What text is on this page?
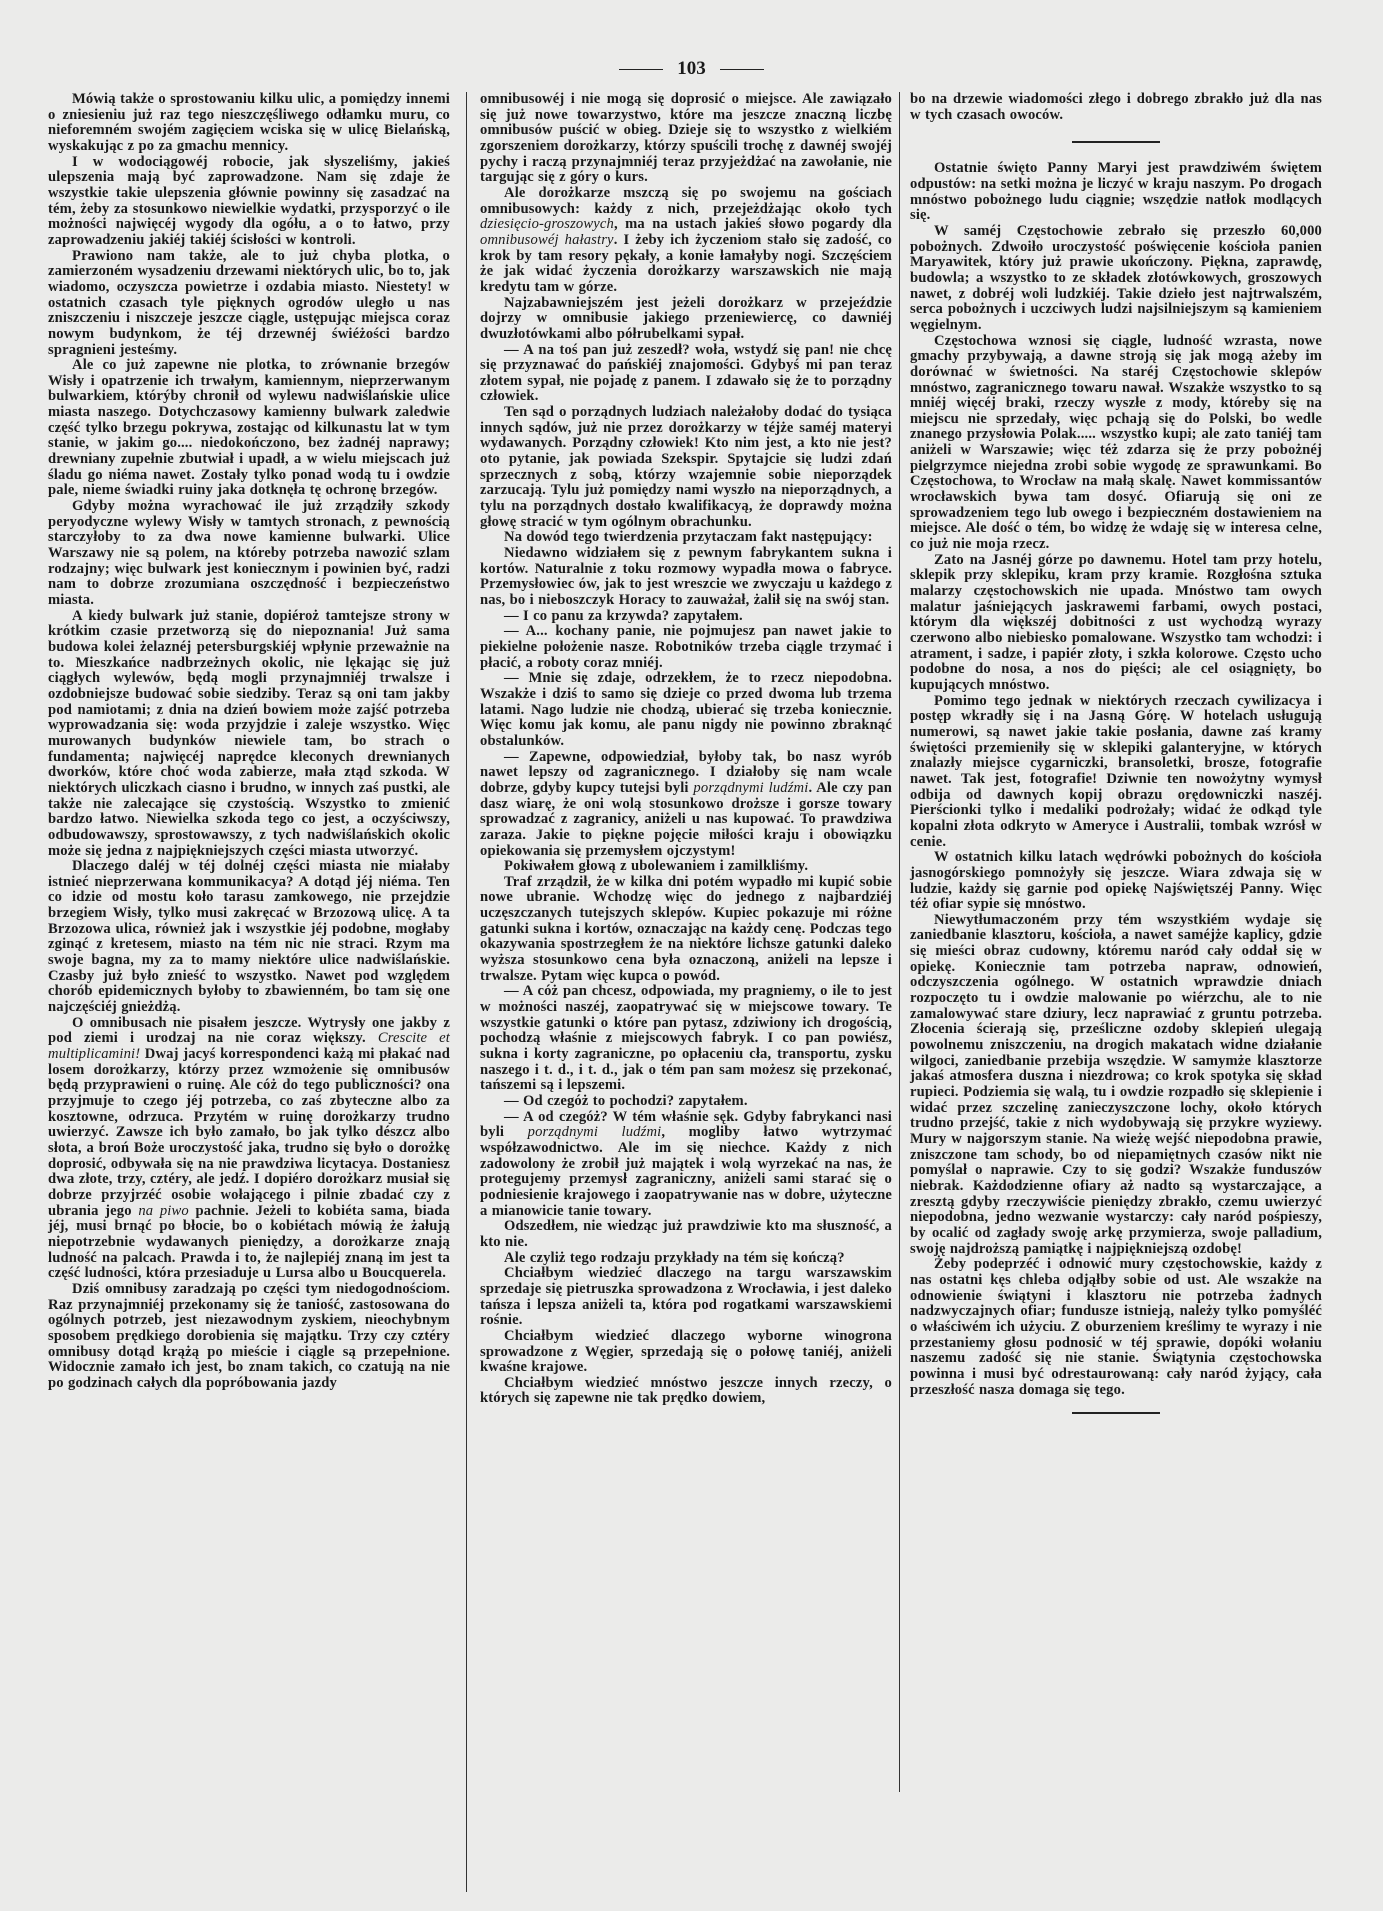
103

Mówią także o sprostowaniu kilku ulic, a pomiędzy innemi o zniesieniu już raz tego nieszczęśliwego odłamku muru, co nieforemném swojém zagięciem wciska się w ulicę Bielańską, wyskakując z po za gmachu mennicy.

I w wodociągowéj robocie, jak słyszeliśmy, jakieś ulepszenia mają być zaprowadzone. Nam się zdaje że wszystkie takie ulepszenia głównie powinny się zasadzać na tém, żeby za stosunkowo niewielkie wydatki, przysporzyć o ile możności najwięcéj wygody dla ogółu, a o to łatwo, przy zaprowadzeniu jakiéj takiéj ścisłości w kontroli.

Prawiono nam także, ale to już chyba plotka, o zamierzoném wysadzeniu drzewami niektórych ulic, bo to, jak wiadomo, oczyszcza powietrze i ozdabia miasto. Niestety! w ostatnich czasach tyle pięknych ogrodów uległo u nas zniszczeniu i niszczeje jeszcze ciągle, ustępując miejsca coraz nowym budynkom, że téj drzewnéj świéżości bardzo spragnieni jesteśmy.

Ale co już zapewne nie plotka, to zrównanie brzegów Wisły i opatrzenie ich trwałym, kamiennym, nieprzerwanym bulwarkiem, którýby chronił od wylewu nadwiślańskie ulice miasta naszego. Dotychczasowy kamienny bulwark zaledwie część tylko brzegu pokrywa, zostając od kilkunastu lat w tym stanie, w jakim go.... niedokończono, bez żadnéj naprawy; drewniany zupełnie zbutwiał i upadł, a w wielu miejscach już śladu go niéma nawet. Zostały tylko ponad wodą tu i owdzie pale, nieme świadki ruiny jaka dotknęła tę ochronę brzegów.

Gdyby można wyrachować ile już zrządziły szkody peryodyczne wylewy Wisły w tamtych stronach, z pewnością starczyłoby to za dwa nowe kamienne bulwarki. Ulice Warszawy nie są polem, na któreby potrzeba nawozić szlam rodzajny; więc bulwark jest koniecznym i powinien być, radzi nam to dobrze zrozumiana oszczędność i bezpieczeństwo miasta.

A kiedy bulwark już stanie, dopiéroż tamtejsze strony w krótkim czasie przetworzą się do niepoznania! Już sama budowa kolei żelaznéj petersburgskiéj wpłynie przeważnie na to. Mieszkańce nadbrzeżnych okolic, nie lękając się już ciągłych wylewów, będą mogli przynajmniéj trwalsze i ozdobniejsze budować sobie siedziby. Teraz są oni tam jakby pod namiotami; z dnia na dzień bowiem może zajść potrzeba wyprowadzania się: woda przyjdzie i zaleje wszystko. Więc murowanych budynków niewiele tam, bo strach o fundamenta; najwięcéj naprędce kleconych drewnianych dworków, które choć woda zabierze, mała ztąd szkoda. W niektórych uliczkach ciasno i brudno, w innych zaś pustki, ale także nie zalecające się czystością. Wszystko to zmienić bardzo łatwo. Niewielka szkoda tego co jest, a oczyściwszy, odbudowawszy, sprostowawszy, z tych nadwiślańskich okolic może się jedna z najpiękniejszych części miasta utworzyć.

Dlaczego daléj w téj dolnéj części miasta nie miałaby istnieć nieprzerwana kommunikacya? A dotąd jéj niéma. Ten co idzie od mostu koło tarasu zamkowego, nie przejdzie brzegiem Wisły, tylko musi zakręcać w Brzozową ulicę. A ta Brzozowa ulica, również jak i wszystkie jéj podobne, mogłaby zginąć z kretesem, miasto na tém nic nie straci. Rzym ma swoje bagna, my za to mamy niektóre ulice nadwiślańskie. Czasby już było znieść to wszystko. Nawet pod względem chorób epidemicznych byłoby to zbawienném, bo tam się one najczęściéj gnieżdżą.

O omnibusach nie pisałem jeszcze. Wytrysły one jakby z pod ziemi i urodzaj na nie coraz większy. Crescite et multiplicamini! Dwaj jacyś korrespondenci każą mi płakać nad losem dorożkarzy, którzy przez wzmożenie się omnibusów będą przyprawieni o ruinę. Ale cóż do tego publiczności? ona przyjmuje to czego jéj potrzeba, co zaś zbyteczne albo za kosztowne, odrzuca. Przytém w ruinę dorożkarzy trudno uwierzyć. Zawsze ich było zamało, bo jak tylko dészcz albo słota, a broń Boże uroczystość jaka, trudno się było o dorożkę doprosić, odbywała się na nie prawdziwa licytacya. Dostaniesz dwa złote, trzy, cztéry, ale jedź. I dopiéro dorożkarz musiał się dobrze przyjrzéć osobie wołającego i pilnie zbadać czy z ubrania jego na piwo pachnie. Jeżeli to kobiéta sama, biada jéj, musi brnąć po błocie, bo o kobiétach mówią że żałują niepotrzebnie wydawanych pieniędzy, a dorożkarze znają ludność na palcach. Prawda i to, że najlepiéj znaną im jest ta część ludności, która przesiaduje u Lursa albo u Boucquerela.

Dziś omnibusy zaradzają po części tym niedogodnościom. Raz przynajmniéj przekonamy się że taniość, zastosowana do ogólnych potrzeb, jest niezawodnym zyskiem, nieochybnym sposobem prędkiego dorobienia się majątku. Trzy czy cztéry omnibusy dotąd krążą po mieście i ciągle są przepełnione. Widocznie zamało ich jest, bo znam takich, co czatują na nie po godzinach całych dla popróbowania jazdy

omnibusowéj i nie mogą się doprosić o miejsce. Ale zawiązało się już nowe towarzystwo, które ma jeszcze znaczną liczbę omnibusów puścić w obieg. Dzieje się to wszystko z wielkiém zgorszeniem dorożkarzy, którzy spuścili trochę z dawnéj swojéj pychy i raczą przynajmniéj teraz przyjeżdżać na zawołanie, nie targując się z góry o kurs.

Ale dorożkarze mszczą się po swojemu na gościach omnibusowych: każdy z nich, przejeżdżając około tych dziesięcio-groszowych, ma na ustach jakieś słowo pogardy dla omnibusowéj hałastry. I żeby ich życzeniom stało się zadość, co krok by tam resory pękały, a konie łamałyby nogi. Szczęściem że jak widać życzenia dorożkarzy warszawskich nie mają kredytu tam w górze.

Najzabawniejszém jest jeżeli dorożkarz w przejeździe dojrzy w omnibusie jakiego przeniewiercę, co dawniéj dwuzłotówkami albo półrubelkami sypał.

— A na toś pan już zeszedł? woła, wstydź się pan! nie chcę się przyznawać do pańskiéj znajomości. Gdybyś mi pan teraz złotem sypał, nie pojadę z panem. I zdawało się że to porządny człowiek.

Ten sąd o porządnych ludziach należałoby dodać do tysiąca innych sądów, już nie przez dorożkarzy w téjże saméj materyi wydawanych. Porządny człowiek! Kto nim jest, a kto nie jest? oto pytanie, jak powiada Szekspir. Spytajcie się ludzi zdań sprzecznych z sobą, którzy wzajemnie sobie nieporządek zarzucają. Tylu już pomiędzy nami wyszło na nieporządnych, a tylu na porządnych dostało kwalifikacyą, że doprawdy można głowę stracić w tym ogólnym obrachunku.

Na dowód tego twierdzenia przytaczam fakt następujący:

Niedawno widziałem się z pewnym fabrykantem sukna i kortów. Naturalnie z toku rozmowy wypadła mowa o fabryce. Przemysłowiec ów, jak to jest wreszcie we zwyczaju u każdego z nas, bo i nieboszczyk Horacy to zauważał, żalił się na swój stan.

— I co panu za krzywda? zapytałem.

— A... kochany panie, nie pojmujesz pan nawet jakie to piekielne położenie nasze. Robotników trzeba ciągle trzymać i płacić, a roboty coraz mniéj.

— Mnie się zdaje, odrzekłem, że to rzecz niepodobna. Wszakże i dziś to samo się dzieje co przed dwoma lub trzema latami. Nago ludzie nie chodzą, ubierać się trzeba koniecznie. Więc komu jak komu, ale panu nigdy nie powinno zbraknąć obstalunków.

— Zapewne, odpowiedział, byłoby tak, bo nasz wyrób nawet lepszy od zagranicznego. I działoby się nam wcale dobrze, gdyby kupcy tutejsi byli porządnymi ludźmi. Ale czy pan dasz wiarę, że oni wolą stosunkowo droższe i gorsze towary sprowadzać z zagranicy, aniżeli u nas kupować. To prawdziwa zaraza. Jakie to piękne pojęcie miłości kraju i obowiązku opiekowania się przemysłem ojczystym!

Pokiwałem głową z ubolewaniem i zamilkliśmy.

Traf zrządził, że w kilka dni potém wypadło mi kupić sobie nowe ubranie. Wchodzę więc do jednego z najbardziéj uczęszczanych tutejszych sklepów. Kupiec pokazuje mi różne gatunki sukna i kortów, oznaczając na każdy cenę. Podczas tego okazywania spostrzegłem że na niektóre lichsze gatunki daleko wyższa stosunkowo cena była oznaczoną, aniżeli na lepsze i trwalsze. Pytam więc kupca o powód.

— A cóż pan chcesz, odpowiada, my pragniemy, o ile to jest w możności naszéj, zaopatrywać się w miejscowe towary. Te wszystkie gatunki o które pan pytasz, zdziwiony ich drogością, pochodzą właśnie z miejscowych fabryk. I co pan powiész, sukna i korty zagraniczne, po opłaceniu cła, transportu, zysku naszego i t. d., i t. d., jak o tém pan sam możesz się przekonać, tańszemi są i lepszemi.

— Od czegóż to pochodzi? zapytałem.

— A od czegóż? W tém właśnie sęk. Gdyby fabrykanci nasi byli porządnymi ludźmi, mogliby łatwo wytrzymać współzawodnictwo. Ale im się niechce. Każdy z nich zadowolony że zrobił już majątek i wolą wyrzekać na nas, że protegujemy przemysł zagraniczny, aniżeli sami starać się o podniesienie krajowego i zaopatrywanie nas w dobre, użyteczne a mianowicie tanie towary.

Odszedłem, nie wiedząc już prawdziwie kto ma słuszność, a kto nie.

Ale czyliż tego rodzaju przykłady na tém się kończą?

Chciałbym wiedzieć dlaczego na targu warszawskim sprzedaje się pietruszka sprowadzona z Wrocławia, i jest daleko tańsza i lepsza aniżeli ta, która pod rogatkami warszawskiemi rośnie.

Chciałbym wiedzieć dlaczego wyborne winogrona sprowadzone z Węgier, sprzedają się o połowę taniéj, aniżeli kwaśne krajowe.

Chciałbym wiedzieć mnóstwo jeszcze innych rzeczy, o których się zapewne nie tak prędko dowiem,

bo na drzewie wiadomości złego i dobrego zbrakło już dla nas w tych czasach owoców.

Ostatnie święto Panny Maryi jest prawdziwém świętem odpustów: na setki można je liczyć w kraju naszym. Po drogach mnóstwo pobożnego ludu ciągnie; wszędzie natłok modlących się.

W saméj Częstochowie zebrało się przeszło 60,000 pobożnych. Zdwoiło uroczystość poświęcenie kościoła panien Maryawitek, który już prawie ukończony. Piękna, zaprawdę, budowla; a wszystko to ze składek złotówkowych, groszowych nawet, z dobréj woli ludzkiéj. Takie dzieło jest najtrwalszém, serca pobożnych i uczciwych ludzi najsilniejszym są kamieniem węgielnym.

Częstochowa wznosi się ciągle, ludność wzrasta, nowe gmachy przybywają, a dawne stroją się jak mogą ażeby im dorównać w świetności. Na staréj Częstochowie sklepów mnóstwo, zagranicznego towaru nawał. Wszakże wszystko to są mniéj więcéj braki, rzeczy wyszłe z mody, któreby się na miejscu nie sprzedały, więc pchają się do Polski, bo wedle znanego przysłowia Polak..... wszystko kupi; ale zato taniéj tam aniżeli w Warszawie; więc téż zdarza się że przy pobożnéj pielgrzymce niejedna zrobi sobie wygodę ze sprawunkami. Bo Częstochowa, to Wrocław na małą skalę. Nawet kommissantów wrocławskich bywa tam dosyć. Ofiarują się oni ze sprowadzeniem tego lub owego i bezpieczném dostawieniem na miejsce. Ale dość o tém, bo widzę że wdaję się w interesa celne, co już nie moja rzecz.

Zato na Jasnéj górze po dawnemu. Hotel tam przy hotelu, sklepik przy sklepiku, kram przy kramie. Rozgłośna sztuka malarzy częstochowskich nie upada. Mnóstwo tam owych malatur jaśniejących jaskrawemi farbami, owych postaci, którym dla większéj dobitności z ust wychodzą wyrazy czerwono albo niebiesko pomalowane. Wszystko tam wchodzi: i atrament, i sadze, i papiér złoty, i szkła kolorowe. Często ucho podobne do nosa, a nos do pięści; ale cel osiągnięty, bo kupujących mnóstwo.

Pomimo tego jednak w niektórych rzeczach cywilizacya i postęp wkradły się i na Jasną Górę. W hotelach usługują numerowi, są nawet jakie takie posłania, dawne zaś kramy świętości przemieniły się w sklepiki galanteryjne, w których znalazły miejsce cygarniczki, bransoletki, brosze, fotografie nawet. Tak jest, fotografie! Dziwnie ten nowożytny wymysł odbija od dawnych kopij obrazu orędowniczki naszéj. Pierścionki tylko i medaliki podrożały; widać że odkąd tyle kopalni złota odkryto w Ameryce i Australii, tombak wzrósł w cenie.

W ostatnich kilku latach wędrówki pobożnych do kościoła jasnogórskiego pomnożyły się jeszcze. Wiara zdwaja się w ludzie, każdy się garnie pod opiekę Najświętszéj Panny. Więc téż ofiar sypie się mnóstwo.

Niewytłumaczoném przy tém wszystkiém wydaje się zaniedbanie klasztoru, kościoła, a nawet saméjże kaplicy, gdzie się mieści obraz cudowny, któremu naród cały oddał się w opiekę. Koniecznie tam potrzeba napraw, odnowień, odczyszczenia ogólnego. W ostatnich wprawdzie dniach rozpoczęto tu i owdzie malowanie po wiérzchu, ale to nie zamalowywać stare dziury, lecz naprawiać z gruntu potrzeba. Złocenia ścierają się, prześliczne ozdoby sklepień ulegają powolnemu zniszczeniu, na drogich makatach widne działanie wilgoci, zaniedbanie przebija wszędzie. W samymże klasztorze jakaś atmosfera duszna i niezdrowa; co krok spotyka się skład rupieci. Podziemia się walą, tu i owdzie rozpadło się sklepienie i widać przez szczelinę zanieczyszczone lochy, około których trudno przejść, takie z nich wydobywają się przykre wyziewy. Mury w najgorszym stanie. Na wieżę wejść niepodobna prawie, zniszczone tam schody, bo od niepamiętnych czasów nikt nie pomyślał o naprawie. Czy to się godzi? Wszakże funduszów niebrak. Każdodzienne ofiary aż nadto są wystarczające, a zresztą gdyby rzeczywiście pieniędzy zbrakło, czemu uwierzyć niepodobna, jedno wezwanie wystarczy: cały naród pośpieszy, by ocalić od zagłady swoję arkę przymierza, swoje palladium, swoję najdroższą pamiątkę i najpiękniejszą ozdobę!

Żeby podeprzéć i odnowić mury częstochowskie, każdy z nas ostatni kęs chleba odjąłby sobie od ust. Ale wszakże na odnowienie świątyni i klasztoru nie potrzeba żadnych nadzwyczajnych ofiar; fundusze istnieją, należy tylko pomyśléć o właściwém ich użyciu. Z oburzeniem kreślimy te wyrazy i nie przestaniemy głosu podnosić w téj sprawie, dopóki wołaniu naszemu zadość się nie stanie. Świątynia częstochowska powinna i musi być odrestaurowaną: cały naród żyjący, cała przeszłość nasza domaga się tego.
